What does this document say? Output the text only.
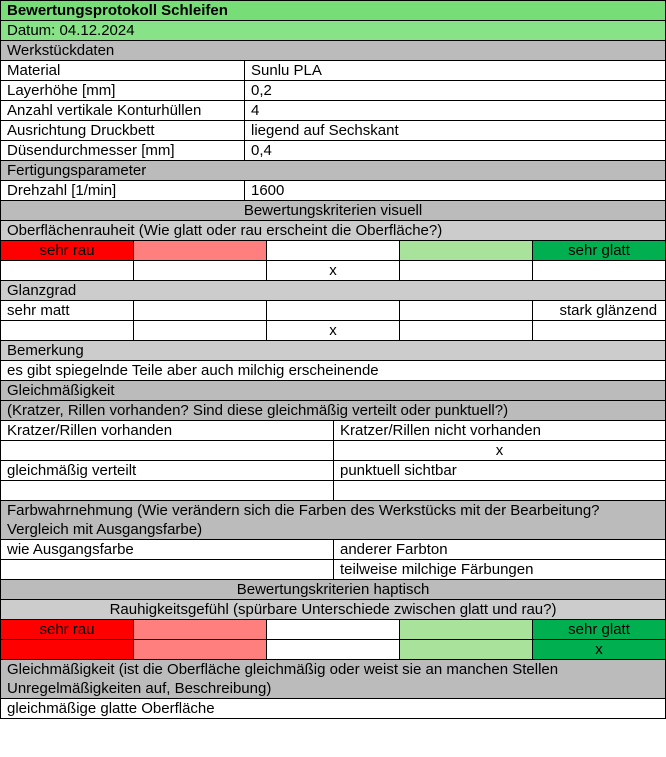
Bewertungsprotokoll Schleifen						
Datum: 04.12.2024						
Werkstückdaten						
Material		Sunlu PLA				
Layerhöhe [mm]		0,2				
Anzahl vertikale Konturhüllen		4				
Ausrichtung Druckbett		liegend auf Sechskant				
Düsendurchmesser [mm]		0,4				
Fertigungsparameter						
Drehzahl [1/min]		1600				
Bewertungskriterien visuell						
Oberflächenrauheit (Wie glatt oder rau erscheint die Oberfläche?)						
sehr rau						sehr glatt
			x			
Glanzgrad						
sehr matt						stark glänzend
			x			
Bemerkung						
es gibt spiegelnde Teile aber auch milchig erscheinende						
Gleichmäßigkeit						
(Kratzer, Rillen vorhanden? Sind diese gleichmäßig verteilt oder punktuell?)						
Kratzer/Rillen vorhanden				Kratzer/Rillen nicht vorhanden		
				x		
gleichmäßig verteilt				punktuell sichtbar		

Farbwahrnehmung (Wie verändern sich die Farben des Werkstücks mit der Bearbeitung? Vergleich mit Ausgangsfarbe)						
wie Ausgangsfarbe				anderer Farbton		
				teilweise milchige Färbungen		
Bewertungskriterien haptisch						
Rauhigkeitsgefühl (spürbare Unterschiede zwischen glatt und rau?)						
sehr rau						sehr glatt
						x
Gleichmäßigkeit (ist die Oberfläche gleichmäßig oder weist sie an manchen Stellen Unregelmäßigkeiten auf, Beschreibung)						
gleichmäßige glatte Oberfläche						
